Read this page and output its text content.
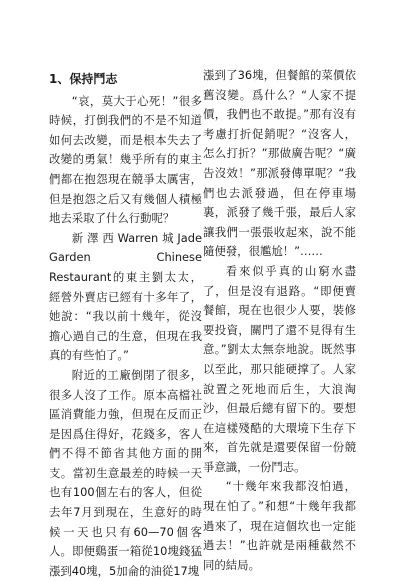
1、保持鬥志

“哀，莫大于心死！”很多時候，打倒我們的不是不知道如何去改變，而是根本失去了改變的勇氣！幾乎所有的東主們都在抱怨現在競爭太厲害，但是抱怨之后又有幾個人積極地去采取了什么行動呢？

新澤西Warren城Jade Garden Chinese Restaurant的東主劉太太，經營外賣店已經有十多年了，她說：“我以前十幾年，從沒擔心過自己的生意，但現在我真的有些怕了。”

附近的工廠倒閉了很多，很多人沒了工作。原本高檔社區消費能力強，但現在反而正是因爲住得好，花錢多，客人們不得不節省其他方面的開支。當初生意最差的時候一天也有100個左右的客人，但從去年7月到現在，生意好的時候一天也只有60—70個客人。即便鷄蛋一箱從10塊錢猛漲到40塊，5加侖的油從17塊

漲到了36塊，但餐館的菜價依舊沒變。爲什么？“人家不提價，我們也不敢提。”那有沒有考慮打折促銷呢？“沒客人，怎么打折？”那做廣告呢？“廣告沒效！”那派發傳單呢？“我們也去派發過，但在停車場裏，派發了幾千張，最后人家讓我們一張張收起來，說不能隨便發，很尷尬！”……

看來似乎真的山窮水盡了，但是沒有退路。“即便賣餐館，現在也很少人要，裝修要投資，關門了還不見得有生意。”劉太太無奈地說。既然事以至此，那只能硬撑了。人家說置之死地而后生，大浪淘沙，但最后總有留下的。要想在這樣殘酷的大環境下生存下來，首先就是還要保留一份競爭意識，一份鬥志。

“十幾年來我都沒怕過，現在怕了。”和想“十幾年我都過來了，現在這個坎也一定能過去！”也許就是兩種截然不同的結局。
